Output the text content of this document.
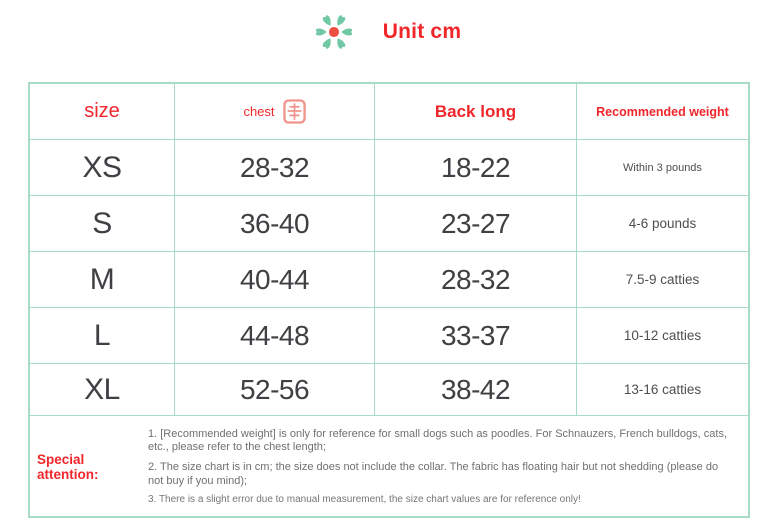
Unit cm
size	chest	Back long	Recommended weight
XS	28-32	18-22	Within 3 pounds
S	36-40	23-27	4-6 pounds
M	40-44	28-32	7.5-9 catties
L	44-48	33-37	10-12 catties
XL	52-56	38-42	13-16 catties
Special attention:
1. [Recommended weight] is only for reference for small dogs such as poodles. For Schnauzers, French bulldogs, cats, etc., please refer to the chest length;
2. The size chart is in cm; the size does not include the collar. The fabric has floating hair but not shedding (please do not buy if you mind);
3. There is a slight error due to manual measurement, the size chart values are for reference only!
